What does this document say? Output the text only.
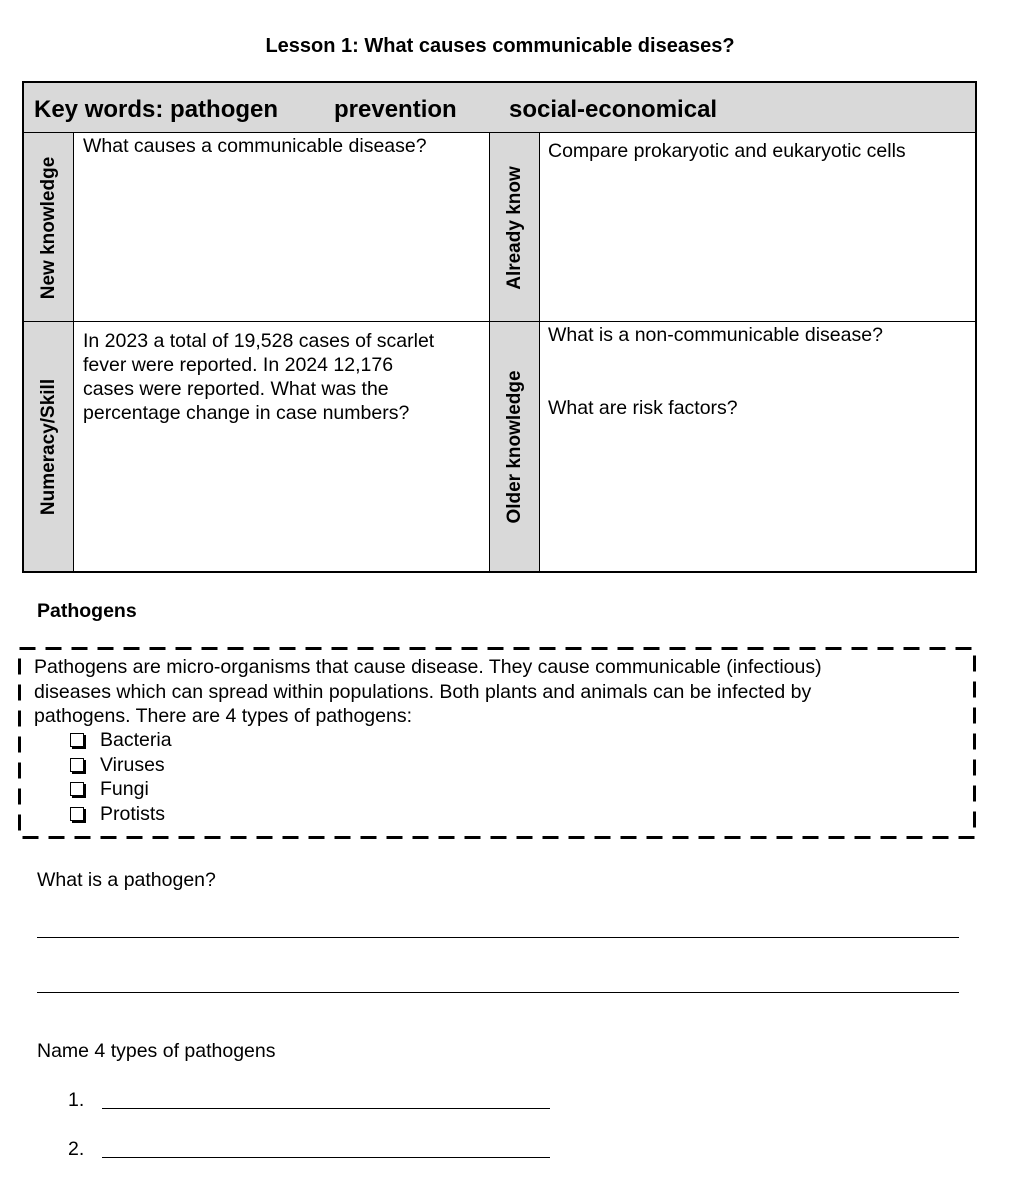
Lesson 1: What causes communicable diseases?
Key words: pathogen prevention social-economical
New knowledge
Numeracy/Skill
Already know
Older knowledge
What causes a communicable disease?	Compare prokaryotic and eukaryotic cells
In 2023 a total of 19,528 cases of scarlet
fever were reported. In 2024 12,176
cases were reported. What was the
percentage change in case numbers?
What is a non-communicable disease?
What are risk factors?
Pathogens
Pathogens are micro-organisms that cause disease. They cause communicable (infectious)
diseases which can spread within populations. Both plants and animals can be infected by
pathogens. There are 4 types of pathogens:
Bacteria
Viruses
Fungi
Protists
What is a pathogen?
Name 4 types of pathogens
1.
2.
